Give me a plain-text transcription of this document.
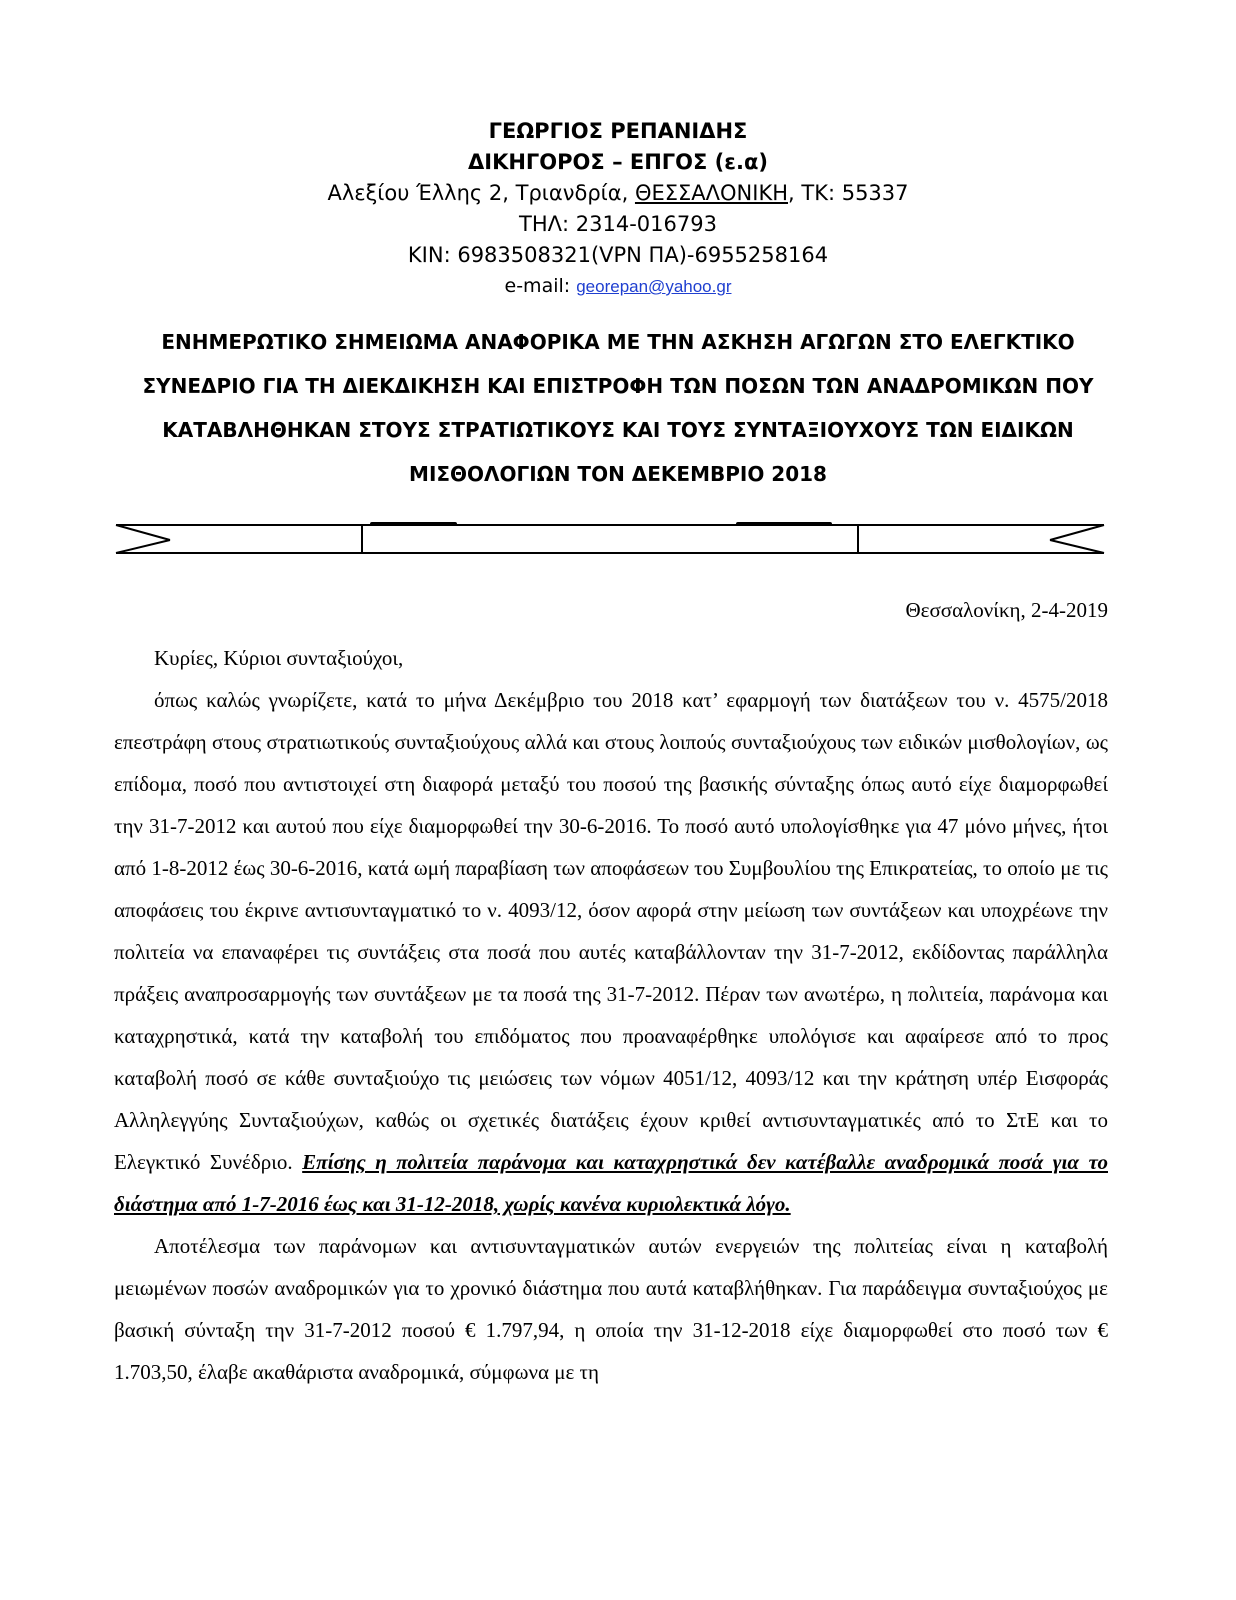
ΓΕΩΡΓΙΟΣ ΡΕΠΑΝΙΔΗΣ
ΔΙΚΗΓΟΡΟΣ – ΕΠΓΟΣ (ε.α)
Αλεξίου Έλλης 2, Τριανδρία, ΘΕΣΣΑΛΟΝΙΚΗ, ΤΚ: 55337
ΤΗΛ: 2314-016793
ΚΙΝ: 6983508321(VPN ΠΑ)-6955258164
e-mail: georepan@yahoo.gr
ΕΝΗΜΕΡΩΤΙΚΟ ΣΗΜΕΙΩΜΑ ΑΝΑΦΟΡΙΚΑ ΜΕ ΤΗΝ ΑΣΚΗΣΗ ΑΓΩΓΩΝ ΣΤΟ ΕΛΕΓΚΤΙΚΟ ΣΥΝΕΔΡΙΟ ΓΙΑ ΤΗ ΔΙΕΚΔΙΚΗΣΗ ΚΑΙ ΕΠΙΣΤΡΟΦΗ ΤΩΝ ΠΟΣΩΝ ΤΩΝ ΑΝΑΔΡΟΜΙΚΩΝ ΠΟΥ ΚΑΤΑΒΛΗΘΗΚΑΝ ΣΤΟΥΣ ΣΤΡΑΤΙΩΤΙΚΟΥΣ ΚΑΙ ΤΟΥΣ ΣΥΝΤΑΞΙΟΥΧΟΥΣ ΤΩΝ ΕΙΔΙΚΩΝ ΜΙΣΘΟΛΟΓΙΩΝ ΤΟΝ ΔΕΚΕΜΒΡΙΟ 2018
Θεσσαλονίκη, 2-4-2019

Κυρίες, Κύριοι συνταξιούχοι,

όπως καλώς γνωρίζετε, κατά το μήνα Δεκέμβριο του 2018 κατ’ εφαρμογή των διατάξεων του ν. 4575/2018 επεστράφη στους στρατιωτικούς συνταξιούχους αλλά και στους λοιπούς συνταξιούχους των ειδικών μισθολογίων, ως επίδομα, ποσό που αντιστοιχεί στη διαφορά μεταξύ του ποσού της βασικής σύνταξης όπως αυτό είχε διαμορφωθεί την 31-7-2012 και αυτού που είχε διαμορφωθεί την 30-6-2016. Το ποσό αυτό υπολογίσθηκε για 47 μόνο μήνες, ήτοι από 1-8-2012 έως 30-6-2016, κατά ωμή παραβίαση των αποφάσεων του Συμβουλίου της Επικρατείας, το οποίο με τις αποφάσεις του έκρινε αντισυνταγματικό το ν. 4093/12, όσον αφορά στην μείωση των συντάξεων και υποχρέωνε την πολιτεία να επαναφέρει τις συντάξεις στα ποσά που αυτές καταβάλλονταν την 31-7-2012, εκδίδοντας παράλληλα πράξεις αναπροσαρμογής των συντάξεων με τα ποσά της 31-7-2012. Πέραν των ανωτέρω, η πολιτεία, παράνομα και καταχρηστικά, κατά την καταβολή του επιδόματος που προαναφέρθηκε υπολόγισε και αφαίρεσε από το προς καταβολή ποσό σε κάθε συνταξιούχο τις μειώσεις των νόμων 4051/12, 4093/12 και την κράτηση υπέρ Εισφοράς Αλληλεγγύης Συνταξιούχων, καθώς οι σχετικές διατάξεις έχουν κριθεί αντισυνταγματικές από το ΣτΕ και το Ελεγκτικό Συνέδριο. Επίσης η πολιτεία παράνομα και καταχρηστικά δεν κατέβαλλε αναδρομικά ποσά για το διάστημα από 1-7-2016 έως και 31-12-2018, χωρίς κανένα κυριολεκτικά λόγο.

Αποτέλεσμα των παράνομων και αντισυνταγματικών αυτών ενεργειών της πολιτείας είναι η καταβολή μειωμένων ποσών αναδρομικών για το χρονικό διάστημα που αυτά καταβλήθηκαν. Για παράδειγμα συνταξιούχος με βασική σύνταξη την 31-7-2012 ποσού € 1.797,94, η οποία την 31-12-2018 είχε διαμορφωθεί στο ποσό των € 1.703,50, έλαβε ακαθάριστα αναδρομικά, σύμφωνα με τη
